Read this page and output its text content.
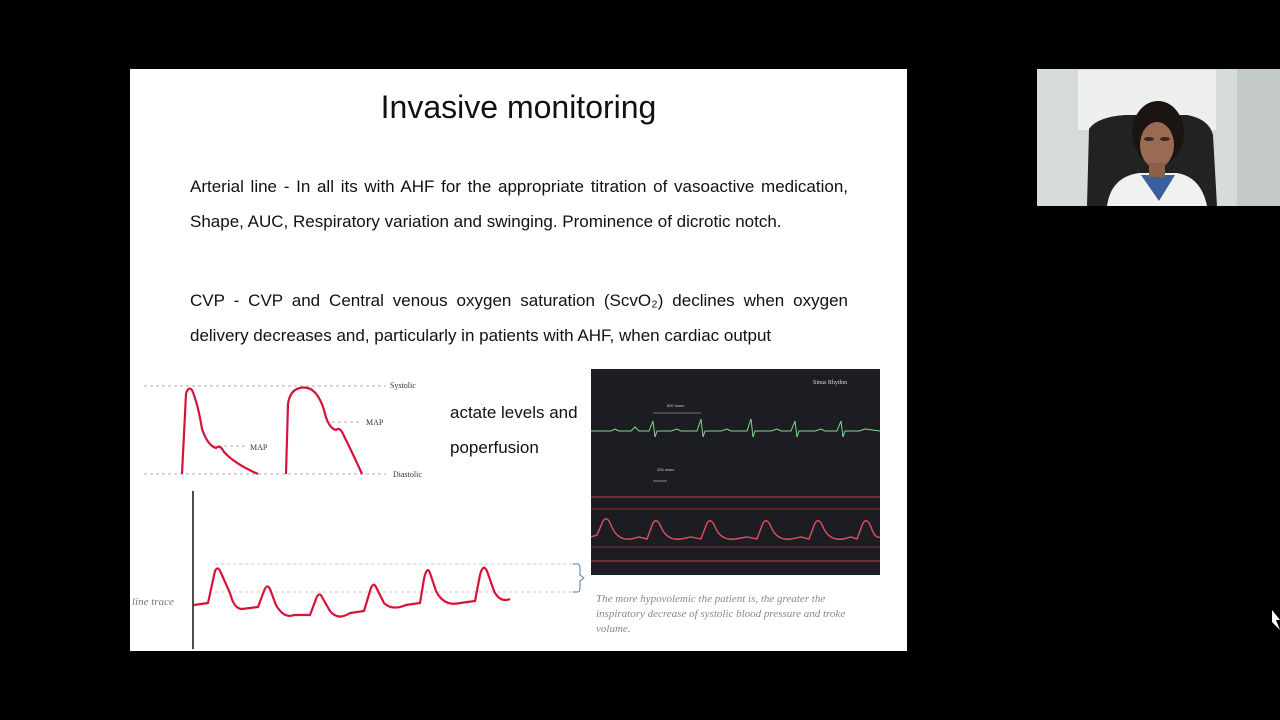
Invasive monitoring
Arterial line - In all its with AHF for the appropriate titration of vasoactive medication, Shape, AUC, Respiratory variation and swinging. Prominence of dicrotic notch.
CVP - CVP and Central venous oxygen saturation (ScvO₂) declines when oxygen delivery decreases and, particularly in patients with AHF, when cardiac output
actate levels and
poperfusion
Systolic
MAP
MAP
Diastolic
line trace
Sinus Rhythm
800 msec
200 msec
The more hypovolemic the patient is, the greater the inspiratory decrease of systolic blood pressure and troke volume.
